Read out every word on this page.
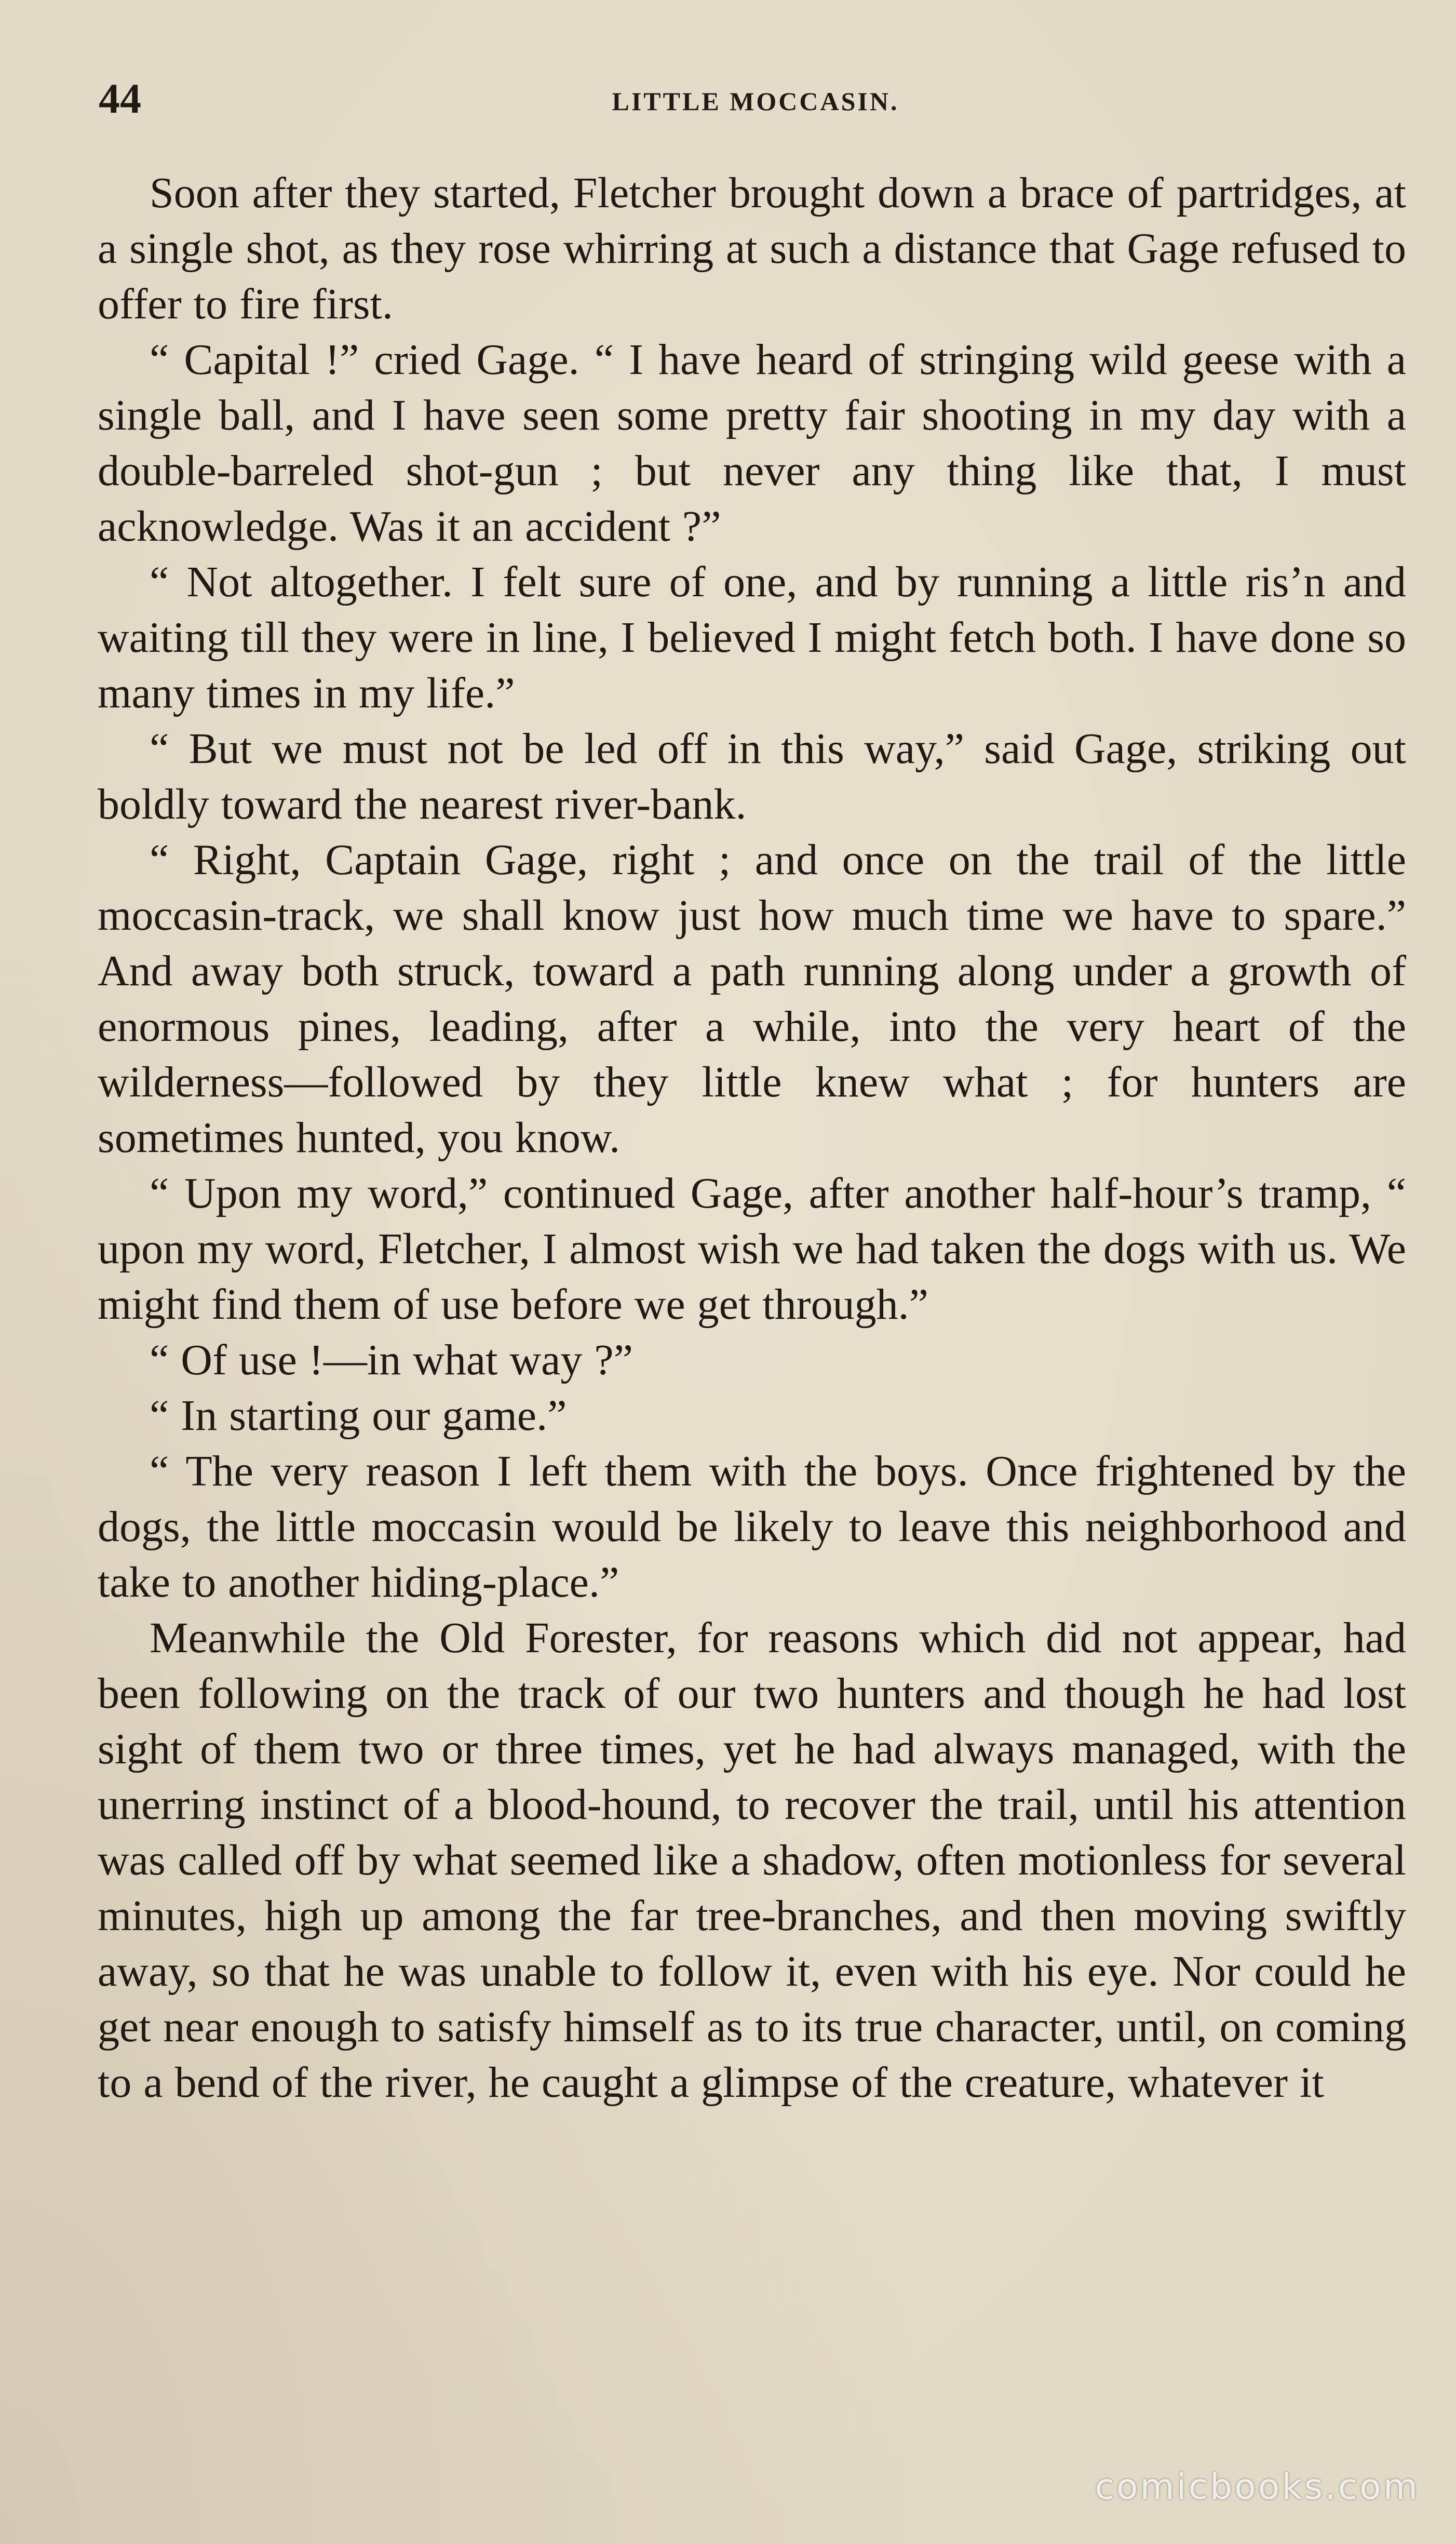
44	LITTLE MOCCASIN.

Soon after they started, Fletcher brought down a brace of partridges, at a single shot, as they rose whirring at such a distance that Gage refused to offer to fire first.

“ Capital !” cried Gage. “ I have heard of stringing wild geese with a single ball, and I have seen some pretty fair shooting in my day with a double-barreled shot-gun ; but never any thing like that, I must acknowledge. Was it an accident ?”

“ Not altogether. I felt sure of one, and by running a little ris’n and waiting till they were in line, I believed I might fetch both. I have done so many times in my life.”

“ But we must not be led off in this way,” said Gage, striking out boldly toward the nearest river-bank.

“ Right, Captain Gage, right ; and once on the trail of the little moccasin-track, we shall know just how much time we have to spare.” And away both struck, toward a path running along under a growth of enormous pines, leading, after a while, into the very heart of the wilderness—followed by they little knew what ; for hunters are sometimes hunted, you know.

“ Upon my word,” continued Gage, after another half-hour’s tramp, “ upon my word, Fletcher, I almost wish we had taken the dogs with us. We might find them of use before we get through.”

“ Of use !—in what way ?”

“ In starting our game.”

“ The very reason I left them with the boys. Once frightened by the dogs, the little moccasin would be likely to leave this neighborhood and take to another hiding-place.”

Meanwhile the Old Forester, for reasons which did not appear, had been following on the track of our two hunters and though he had lost sight of them two or three times, yet he had always managed, with the unerring instinct of a blood-hound, to recover the trail, until his attention was called off by what seemed like a shadow, often motionless for several minutes, high up among the far tree-branches, and then moving swiftly away, so that he was unable to follow it, even with his eye. Nor could he get near enough to satisfy himself as to its true character, until, on coming to a bend of the river, he caught a glimpse of the creature, whatever it

comicbooks.com
